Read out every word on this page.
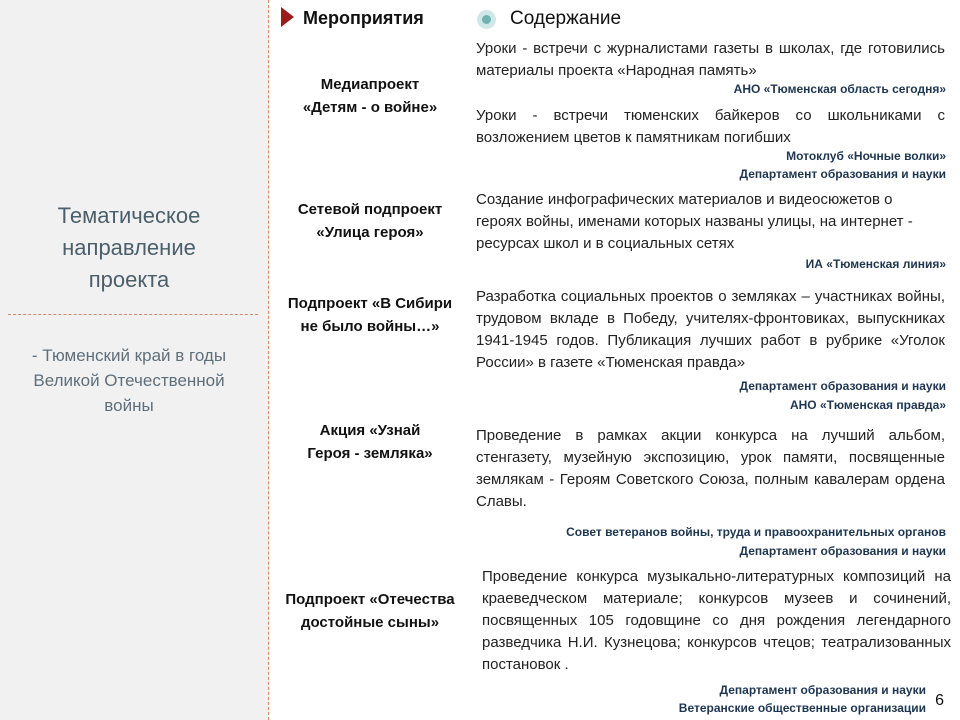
Тематическое направление проекта
- Тюменский край в годы Великой Отечественной войны
Мероприятия	Содержание
Медиапроект «Детям - о войне»
Сетевой подпроект «Улица героя»
Подпроект «В Сибири не было войны…»
Акция «Узнай Героя - земляка»
Подпроект «Отечества достойные сыны»
Уроки - встречи с журналистами газеты в школах, где готовились материалы проекта «Народная память»
АНО «Тюменская область сегодня»
Уроки - встречи тюменских байкеров со школьниками с возложением цветов к памятникам погибших
Мотоклуб «Ночные волки»
Департамент образования и науки
Создание инфографических материалов и видеосюжетов о героях войны, именами которых названы улицы, на интернет - ресурсах школ и в социальных сетях
ИА «Тюменская линия»
Разработка социальных проектов о земляках – участниках войны, трудовом вкладе в Победу, учителях-фронтовиках, выпускниках 1941-1945 годов. Публикация лучших работ в рубрике «Уголок России» в газете «Тюменская правда»
Департамент образования и науки
АНО «Тюменская правда»
Проведение в рамках акции конкурса на лучший альбом, стенгазету, музейную экспозицию, урок памяти, посвященные землякам - Героям Советского Союза, полным кавалерам ордена Славы.
Совет ветеранов войны, труда и правоохранительных органов
Департамент образования и науки
Проведение конкурса музыкально-литературных композиций на краеведческом материале; конкурсов музеев и сочинений, посвященных 105 годовщине со дня рождения легендарного разведчика Н.И. Кузнецова; конкурсов чтецов; театрализованных постановок .
Департамент образования и науки
Ветеранские общественные организации 6
